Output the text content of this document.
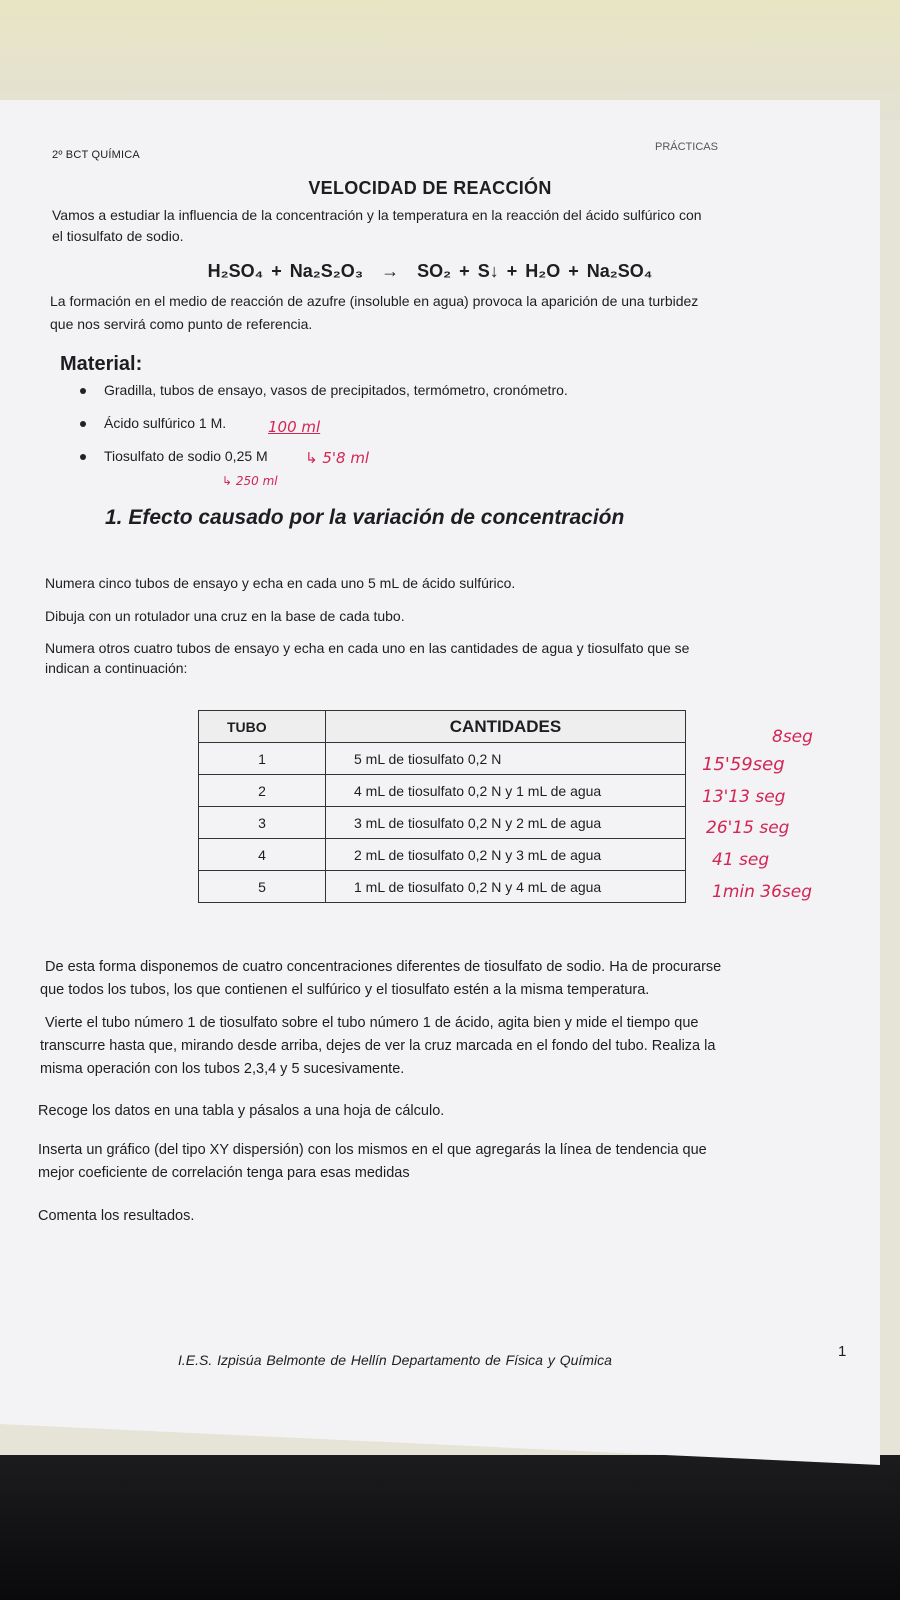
2º BCT QUÍMICA
PRÁCTICAS
VELOCIDAD DE REACCIÓN

Vamos a estudiar la influencia de la concentración y la temperatura en la reacción del ácido sulfúrico con

el tiosulfato de sodio.

H₂SO₄ + Na₂S₂O₃ → SO₂ + S↓ + H₂O + Na₂SO₄

La formación en el medio de reacción de azufre (insoluble en agua) provoca la aparición de una turbidez

que nos servirá como punto de referencia.

Material:
Gradilla, tubos de ensayo, vasos de precipitados, termómetro, cronómetro.
Ácido sulfúrico 1 M.
Tiosulfato de sodio 0,25 M
100 ml
↳ 5'8 ml
↳ 250 ml
1. Efecto causado por la variación de concentración

Numera cinco tubos de ensayo y echa en cada uno 5 mL de ácido sulfúrico.

Dibuja con un rotulador una cruz en la base de cada tubo.

Numera otros cuatro tubos de ensayo y echa en cada uno en las cantidades de agua y tiosulfato que se

indican a continuación:

TUBO	CANTIDADES
1	5 mL de tiosulfato 0,2 N
2	4 mL de tiosulfato 0,2 N y 1 mL de agua
3	3 mL de tiosulfato 0,2 N y 2 mL de agua
4	2 mL de tiosulfato 0,2 N y 3 mL de agua
5	1 mL de tiosulfato 0,2 N y 4 mL de agua
8seg
15'59seg
13'13 seg
26'15 seg
41 seg
1min 36seg

De esta forma disponemos de cuatro concentraciones diferentes de tiosulfato de sodio. Ha de procurarse

que todos los tubos, los que contienen el sulfúrico y el tiosulfato estén a la misma temperatura.

Vierte el tubo número 1 de tiosulfato sobre el tubo número 1 de ácido, agita bien y mide el tiempo que

transcurre hasta que, mirando desde arriba, dejes de ver la cruz marcada en el fondo del tubo. Realiza la

misma operación con los tubos 2,3,4 y 5 sucesivamente.

Recoge los datos en una tabla y pásalos a una hoja de cálculo.

Inserta un gráfico (del tipo XY dispersión) con los mismos en el que agregarás la línea de tendencia que

mejor coeficiente de correlación tenga para esas medidas

Comenta los resultados.

I.E.S. Izpisúa Belmonte de Hellín Departamento de Física y Química	1
